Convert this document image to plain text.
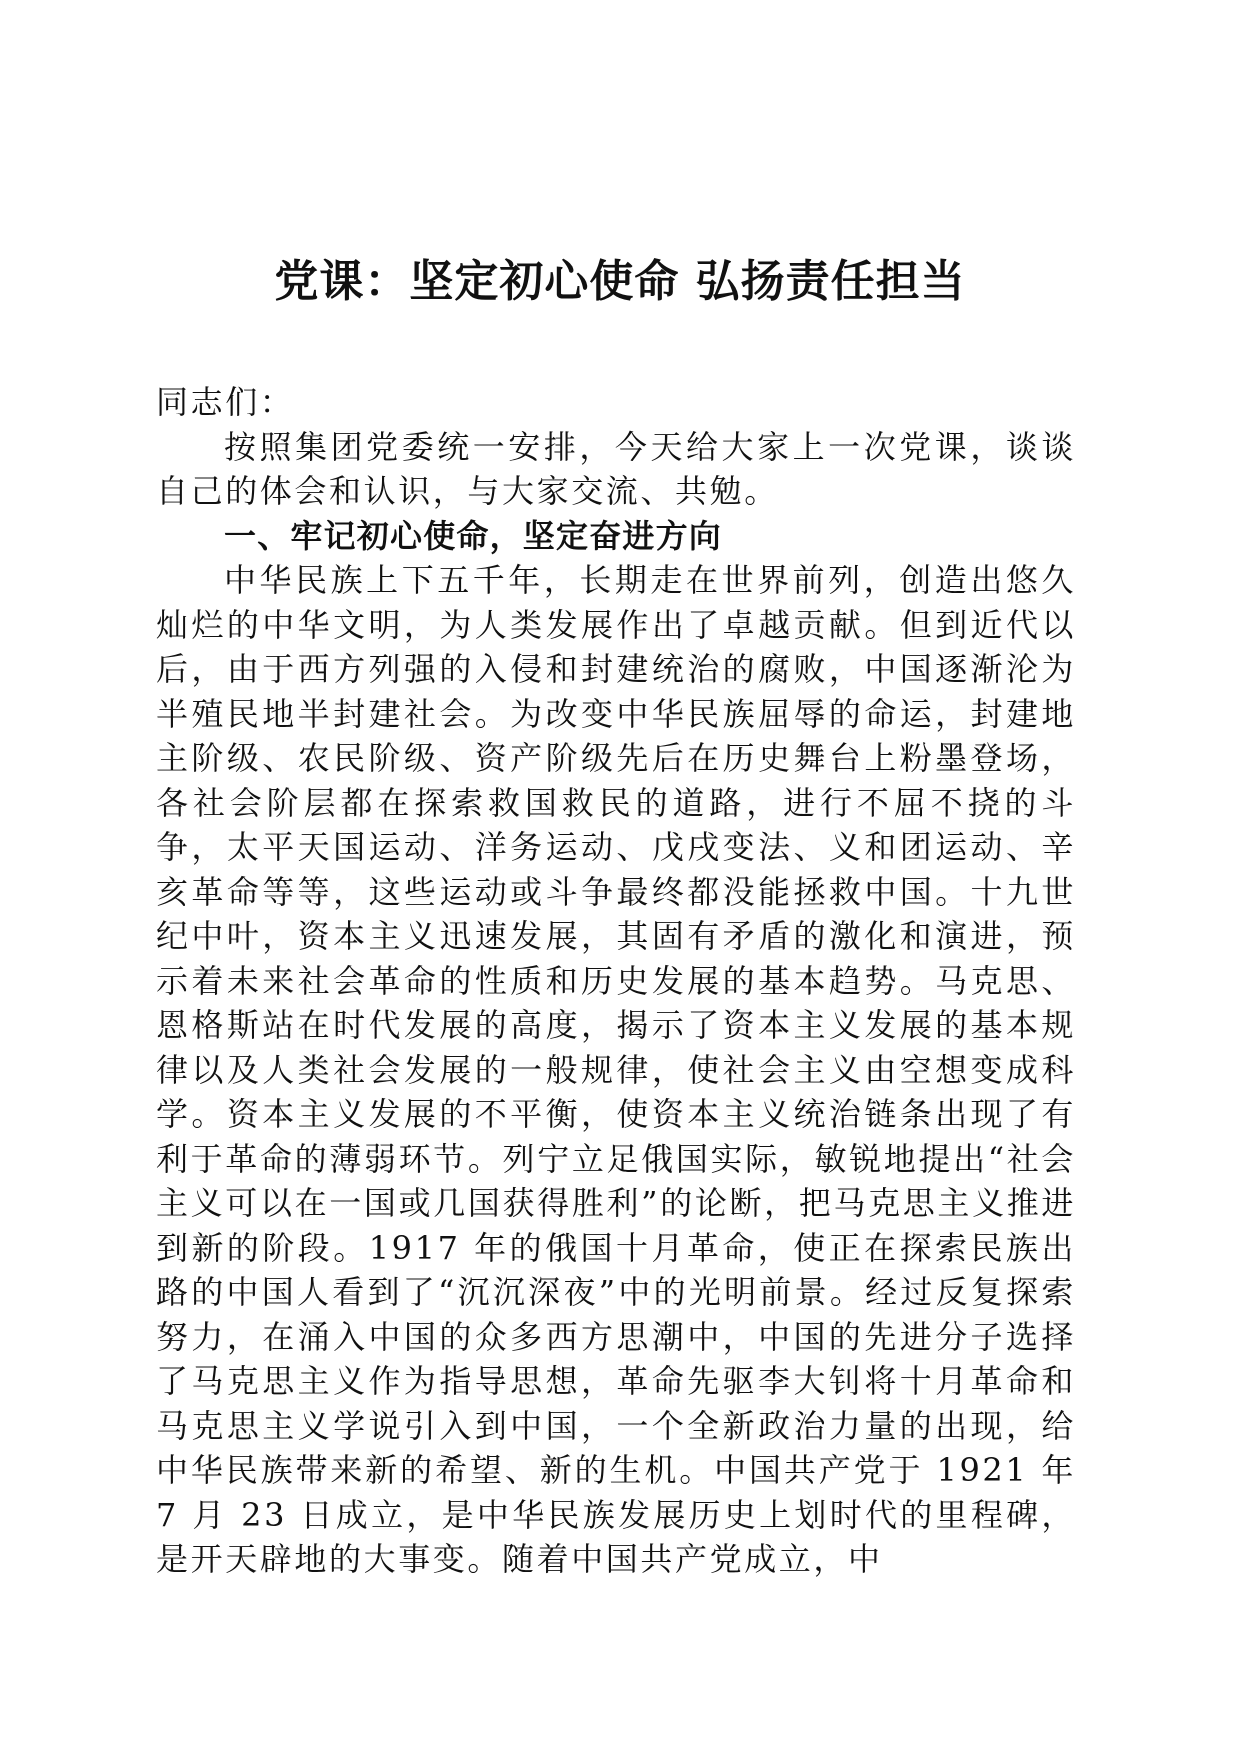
党课：坚定初心使命 弘扬责任担当

同志们：

按照集团党委统一安排，今天给大家上一次党课，谈谈自己的体会和认识，与大家交流、共勉。

一、牢记初心使命，坚定奋进方向

中华民族上下五千年，长期走在世界前列，创造出悠久灿烂的中华文明，为人类发展作出了卓越贡献。但到近代以后，由于西方列强的入侵和封建统治的腐败，中国逐渐沦为半殖民地半封建社会。为改变中华民族屈辱的命运，封建地主阶级、农民阶级、资产阶级先后在历史舞台上粉墨登场，各社会阶层都在探索救国救民的道路，进行不屈不挠的斗争，太平天国运动、洋务运动、戊戌变法、义和团运动、辛亥革命等等，这些运动或斗争最终都没能拯救中国。十九世纪中叶，资本主义迅速发展，其固有矛盾的激化和演进，预示着未来社会革命的性质和历史发展的基本趋势。马克思、恩格斯站在时代发展的高度，揭示了资本主义发展的基本规律以及人类社会发展的一般规律，使社会主义由空想变成科学。资本主义发展的不平衡，使资本主义统治链条出现了有利于革命的薄弱环节。列宁立足俄国实际，敏锐地提出“社会主义可以在一国或几国获得胜利”的论断，把马克思主义推进到新的阶段。1917 年的俄国十月革命，使正在探索民族出路的中国人看到了“沉沉深夜”中的光明前景。经过反复探索努力，在涌入中国的众多西方思潮中，中国的先进分子选择了马克思主义作为指导思想，革命先驱李大钊将十月革命和马克思主义学说引入到中国，一个全新政治力量的出现，给中华民族带来新的希望、新的生机。中国共产党于 1921 年 7 月 23 日成立，是中华民族发展历史上划时代的里程碑，是开天辟地的大事变。随着中国共产党成立，中
